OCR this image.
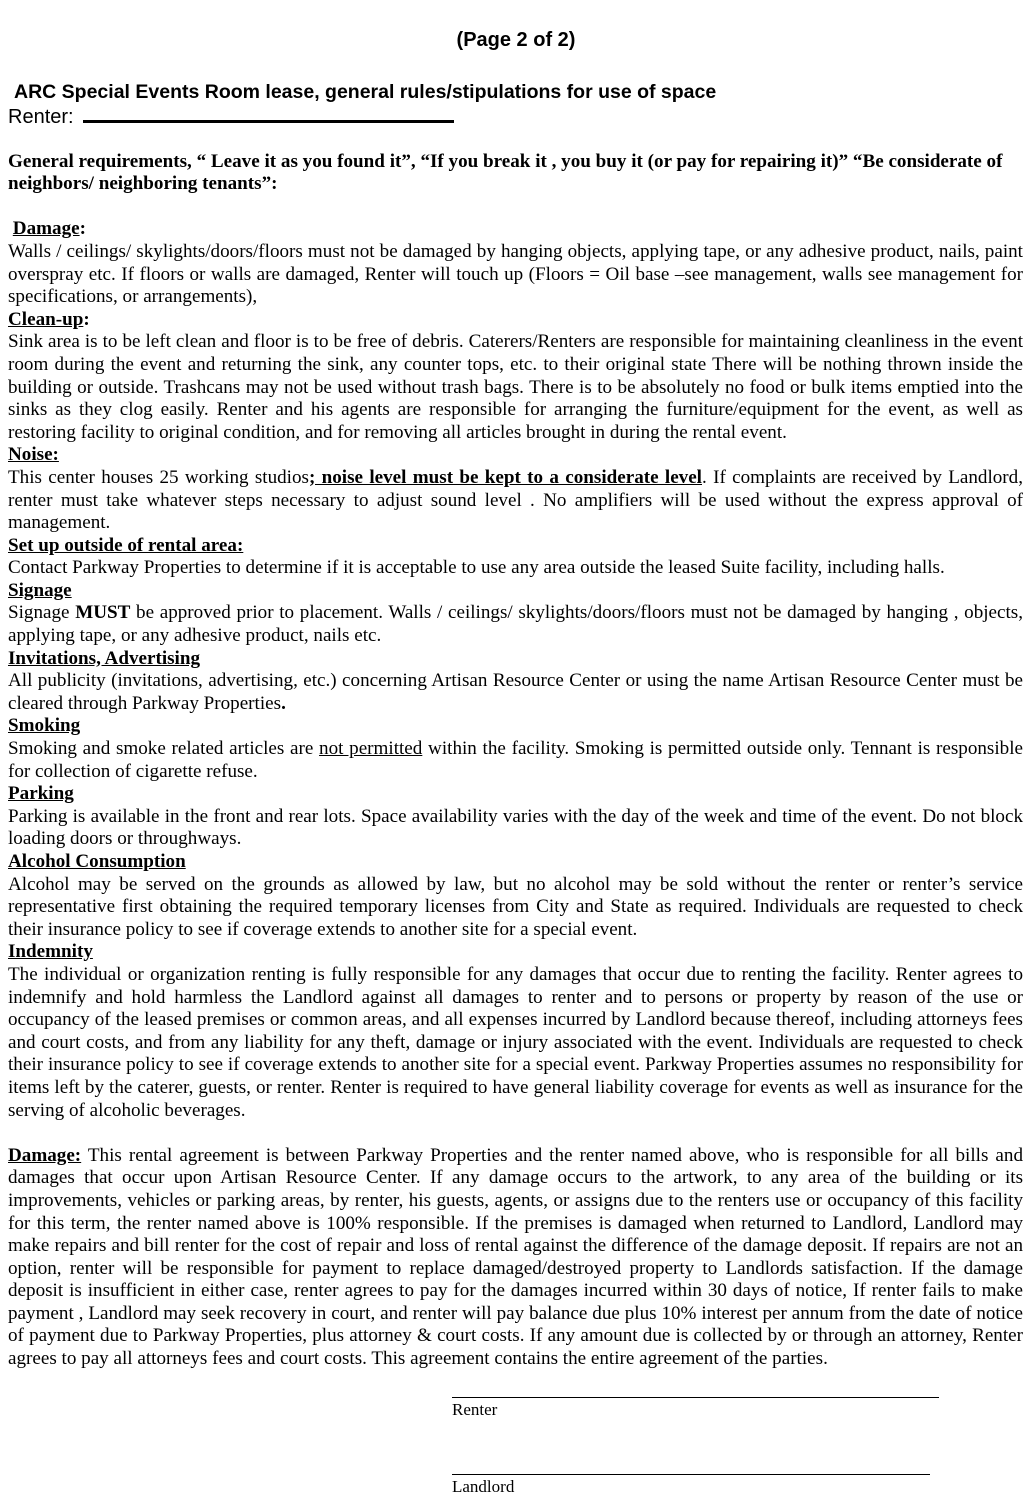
(Page 2 of 2)
ARC Special Events Room lease, general rules/stipulations for use of space
Renter:

General requirements, “ Leave it as you found it”, “If you break it , you buy it (or pay for repairing it)” “Be considerate of neighbors/ neighboring tenants”:

Damage:

Walls / ceilings/ skylights/doors/floors must not be damaged by hanging objects, applying tape, or any adhesive product, nails, paint overspray etc. If floors or walls are damaged, Renter will touch up (Floors = Oil base –see management, walls see management for specifications, or arrangements),

Clean-up:

Sink area is to be left clean and floor is to be free of debris. Caterers/Renters are responsible for maintaining cleanliness in the event room during the event and returning the sink, any counter tops, etc. to their original state There will be nothing thrown inside the building or outside. Trashcans may not be used without trash bags. There is to be absolutely no food or bulk items emptied into the sinks as they clog easily. Renter and his agents are responsible for arranging the furniture/equipment for the event, as well as restoring facility to original condition, and for removing all articles brought in during the rental event.

Noise:

This center houses 25 working studios; noise level must be kept to a considerate level. If complaints are received by Landlord, renter must take whatever steps necessary to adjust sound level . No amplifiers will be used without the express approval of management.

Set up outside of rental area:

Contact Parkway Properties to determine if it is acceptable to use any area outside the leased Suite facility, including halls.

Signage

Signage MUST be approved prior to placement. Walls / ceilings/ skylights/doors/floors must not be damaged by hanging , objects, applying tape, or any adhesive product, nails etc.

Invitations, Advertising

All publicity (invitations, advertising, etc.) concerning Artisan Resource Center or using the name Artisan Resource Center must be cleared through Parkway Properties.

Smoking

Smoking and smoke related articles are not permitted within the facility. Smoking is permitted outside only. Tennant is responsible for collection of cigarette refuse.

Parking

Parking is available in the front and rear lots. Space availability varies with the day of the week and time of the event. Do not block loading doors or throughways.

Alcohol Consumption

Alcohol may be served on the grounds as allowed by law, but no alcohol may be sold without the renter or renter’s service representative first obtaining the required temporary licenses from City and State as required. Individuals are requested to check their insurance policy to see if coverage extends to another site for a special event.

Indemnity

The individual or organization renting is fully responsible for any damages that occur due to renting the facility. Renter agrees to indemnify and hold harmless the Landlord against all damages to renter and to persons or property by reason of the use or occupancy of the leased premises or common areas, and all expenses incurred by Landlord because thereof, including attorneys fees and court costs, and from any liability for any theft, damage or injury associated with the event. Individuals are requested to check their insurance policy to see if coverage extends to another site for a special event. Parkway Properties assumes no responsibility for items left by the caterer, guests, or renter. Renter is required to have general liability coverage for events as well as insurance for the serving of alcoholic beverages.

Damage: This rental agreement is between Parkway Properties and the renter named above, who is responsible for all bills and damages that occur upon Artisan Resource Center. If any damage occurs to the artwork, to any area of the building or its improvements, vehicles or parking areas, by renter, his guests, agents, or assigns due to the renters use or occupancy of this facility for this term, the renter named above is 100% responsible. If the premises is damaged when returned to Landlord, Landlord may make repairs and bill renter for the cost of repair and loss of rental against the difference of the damage deposit. If repairs are not an option, renter will be responsible for payment to replace damaged/destroyed property to Landlords satisfaction. If the damage deposit is insufficient in either case, renter agrees to pay for the damages incurred within 30 days of notice, If renter fails to make payment , Landlord may seek recovery in court, and renter will pay balance due plus 10% interest per annum from the date of notice of payment due to Parkway Properties, plus attorney & court costs. If any amount due is collected by or through an attorney, Renter agrees to pay all attorneys fees and court costs. This agreement contains the entire agreement of the parties.

Renter
Landlord
